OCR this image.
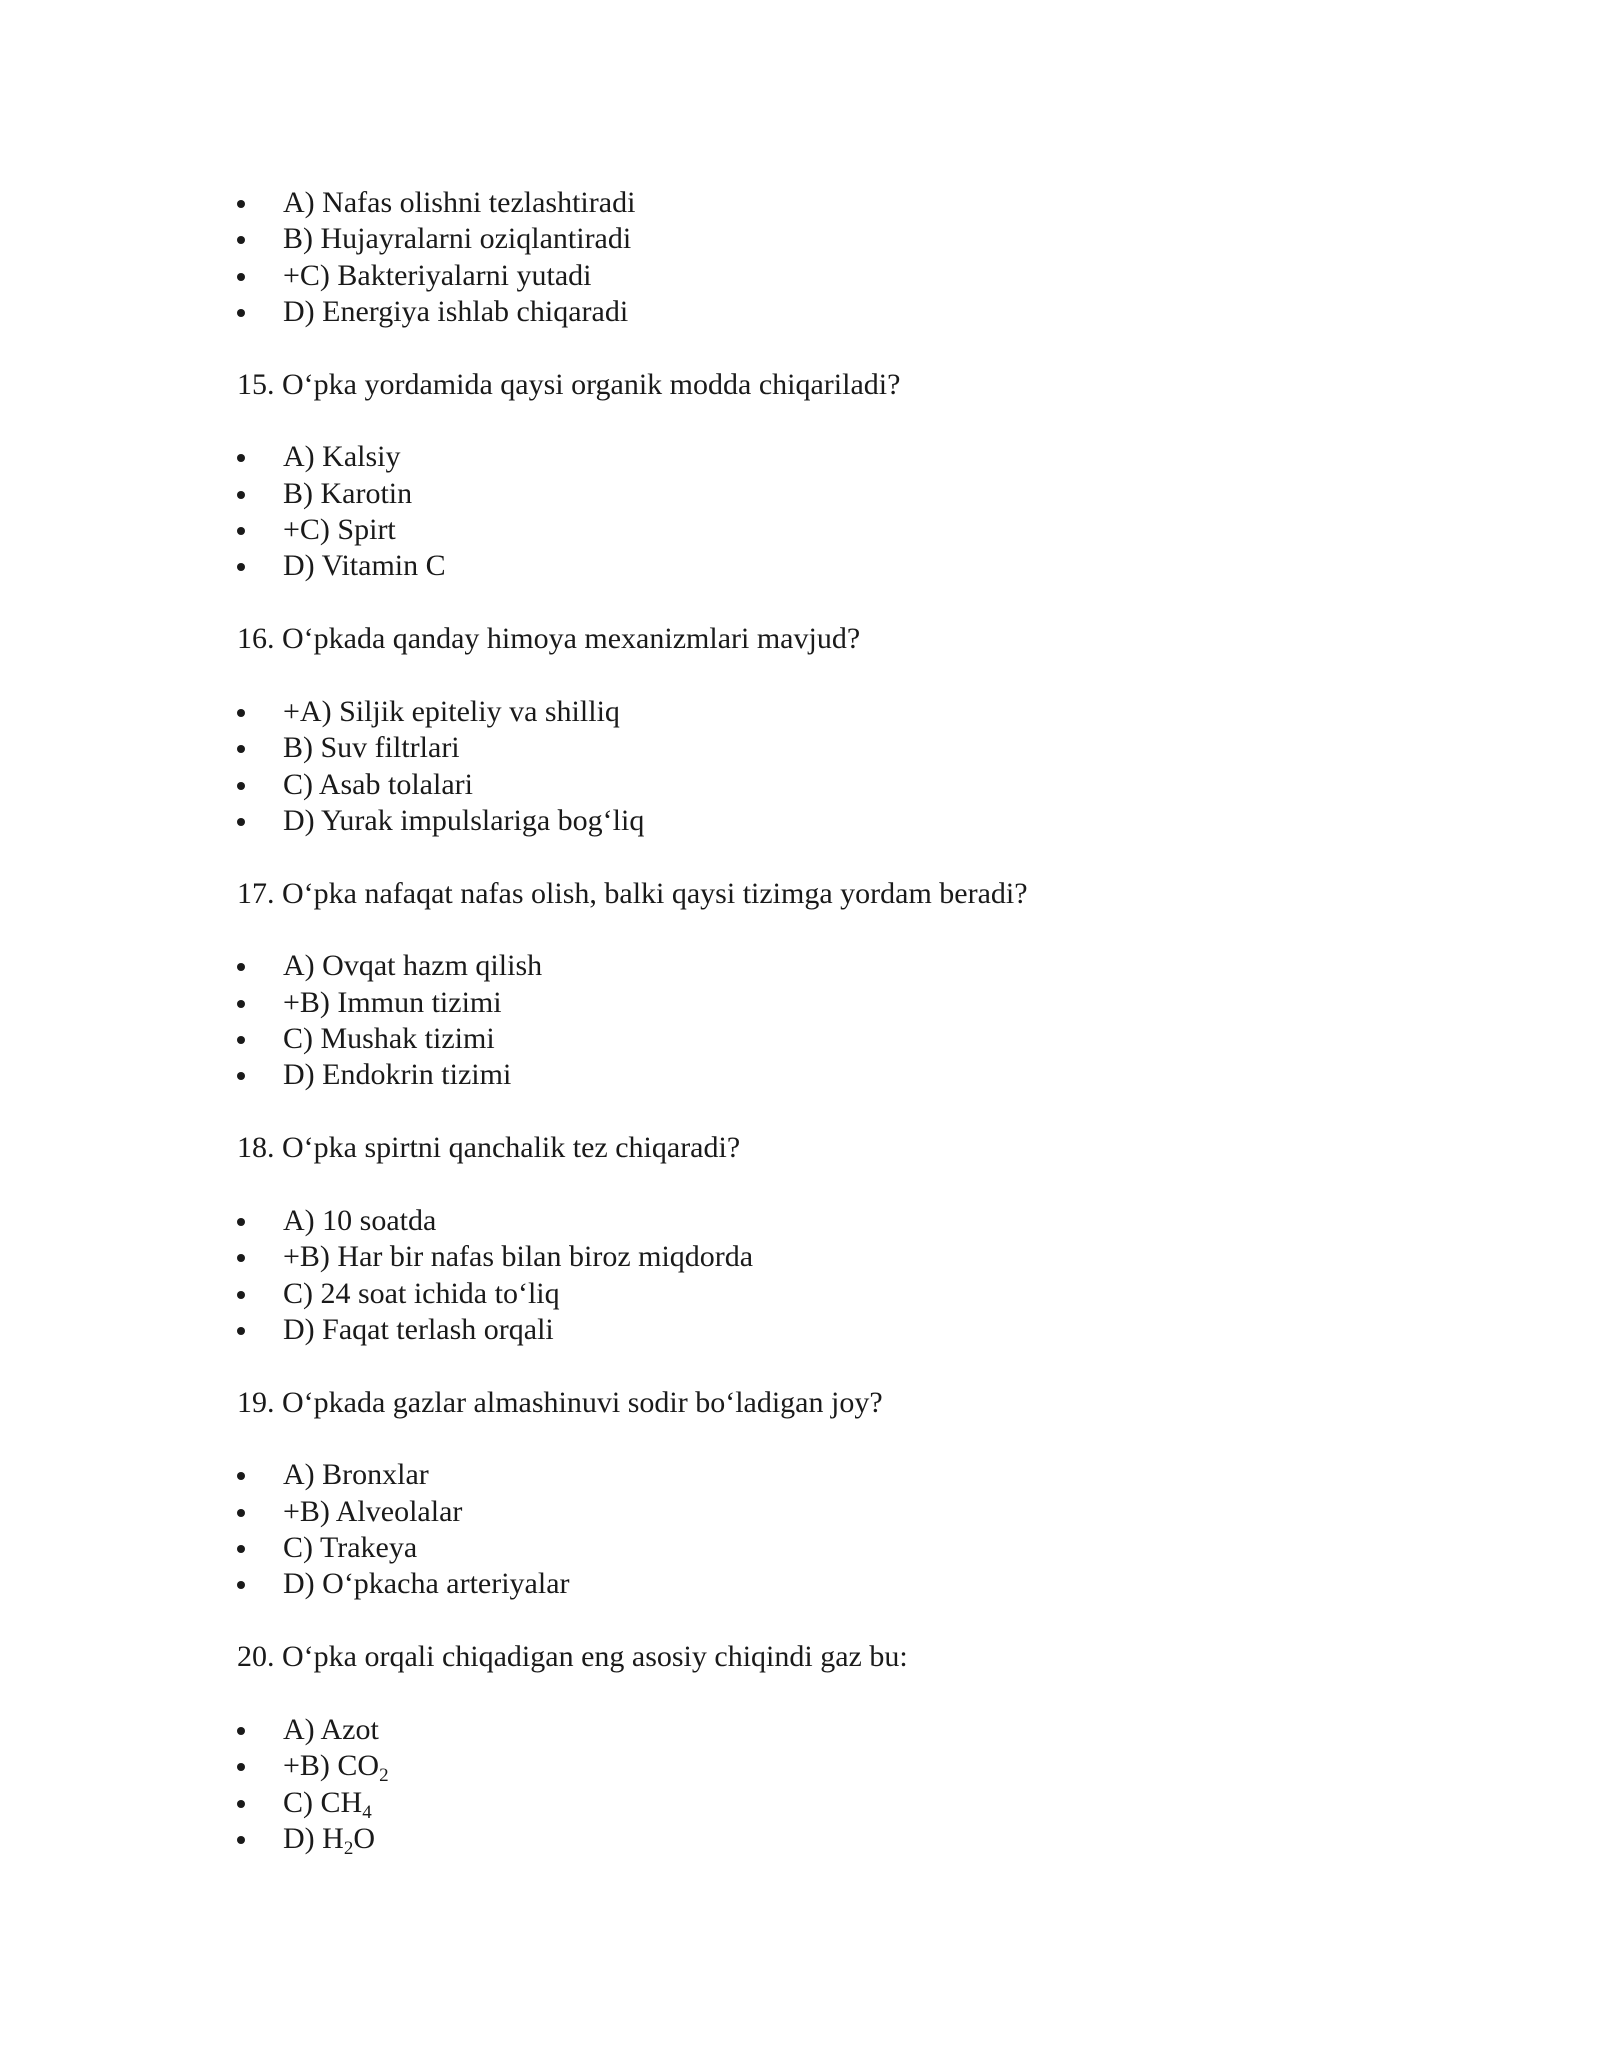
A) Nafas olishni tezlashtiradi
B) Hujayralarni oziqlantiradi
+C) Bakteriyalarni yutadi
D) Energiya ishlab chiqaradi
15. O‘pka yordamida qaysi organik modda chiqariladi?
A) Kalsiy
B) Karotin
+C) Spirt
D) Vitamin C
16. O‘pkada qanday himoya mexanizmlari mavjud?
+A) Siljik epiteliy va shilliq
B) Suv filtrlari
C) Asab tolalari
D) Yurak impulslariga bog‘liq
17. O‘pka nafaqat nafas olish, balki qaysi tizimga yordam beradi?
A) Ovqat hazm qilish
+B) Immun tizimi
C) Mushak tizimi
D) Endokrin tizimi
18. O‘pka spirtni qanchalik tez chiqaradi?
A) 10 soatda
+B) Har bir nafas bilan biroz miqdorda
C) 24 soat ichida to‘liq
D) Faqat terlash orqali
19. O‘pkada gazlar almashinuvi sodir bo‘ladigan joy?
A) Bronxlar
+B) Alveolalar
C) Trakeya
D) O‘pkacha arteriyalar
20. O‘pka orqali chiqadigan eng asosiy chiqindi gaz bu:
A) Azot
+B) $CO_2$
C) $CH_4$
D) $H_2O$
